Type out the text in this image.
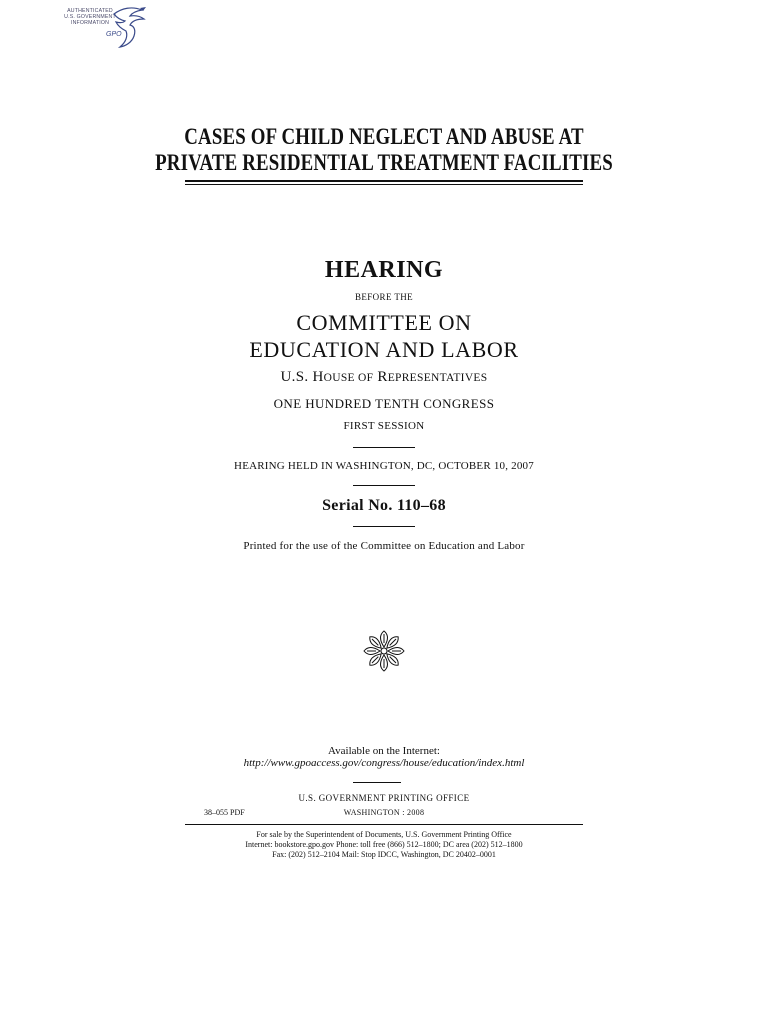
AUTHENTICATED
U.S. GOVERNMENT
INFORMATION
GPO
CASES OF CHILD NEGLECT AND ABUSE AT
PRIVATE RESIDENTIAL TREATMENT FACILITIES
HEARING
BEFORE THE
COMMITTEE ON
EDUCATION AND LABOR
U.S. HOUSE OF REPRESENTATIVES
ONE HUNDRED TENTH CONGRESS
FIRST SESSION
HEARING HELD IN WASHINGTON, DC, OCTOBER 10, 2007
Serial No. 110–68
Printed for the use of the Committee on Education and Labor
Available on the Internet:
http://www.gpoaccess.gov/congress/house/education/index.html
U.S. GOVERNMENT PRINTING OFFICE
38–055 PDF	WASHINGTON : 2008
For sale by the Superintendent of Documents, U.S. Government Printing Office
Internet: bookstore.gpo.gov Phone: toll free (866) 512–1800; DC area (202) 512–1800
Fax: (202) 512–2104 Mail: Stop IDCC, Washington, DC 20402–0001
